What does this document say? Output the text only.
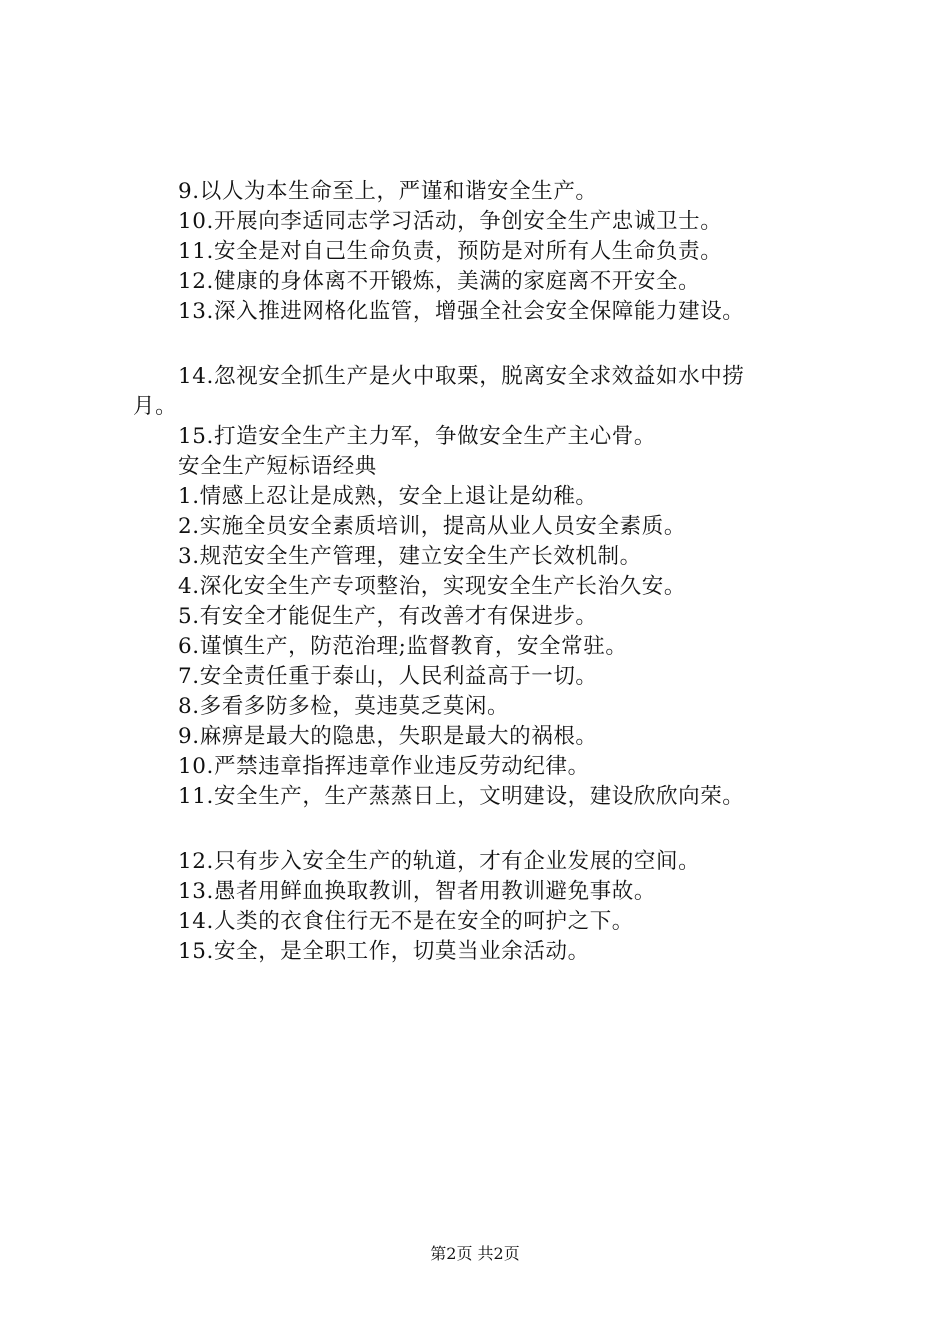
9.以人为本生命至上，严谨和谐安全生产。
10.开展向李适同志学习活动，争创安全生产忠诚卫士。
11.安全是对自己生命负责，预防是对所有人生命负责。
12.健康的身体离不开锻炼，美满的家庭离不开安全。
13.深入推进网格化监管，增强全社会安全保障能力建设。
14.忽视安全抓生产是火中取栗，脱离安全求效益如水中捞
月。
15.打造安全生产主力军，争做安全生产主心骨。
安全生产短标语经典
1.情感上忍让是成熟，安全上退让是幼稚。
2.实施全员安全素质培训，提高从业人员安全素质。
3.规范安全生产管理，建立安全生产长效机制。
4.深化安全生产专项整治，实现安全生产长治久安。
5.有安全才能促生产，有改善才有保进步。
6.谨慎生产，防范治理;监督教育，安全常驻。
7.安全责任重于泰山，人民利益高于一切。
8.多看多防多检，莫违莫乏莫闲。
9.麻痹是最大的隐患，失职是最大的祸根。
10.严禁违章指挥违章作业违反劳动纪律。
11.安全生产，生产蒸蒸日上，文明建设，建设欣欣向荣。
12.只有步入安全生产的轨道，才有企业发展的空间。
13.愚者用鲜血换取教训，智者用教训避免事故。
14.人类的衣食住行无不是在安全的呵护之下。
15.安全，是全职工作，切莫当业余活动。
第2页 共2页
